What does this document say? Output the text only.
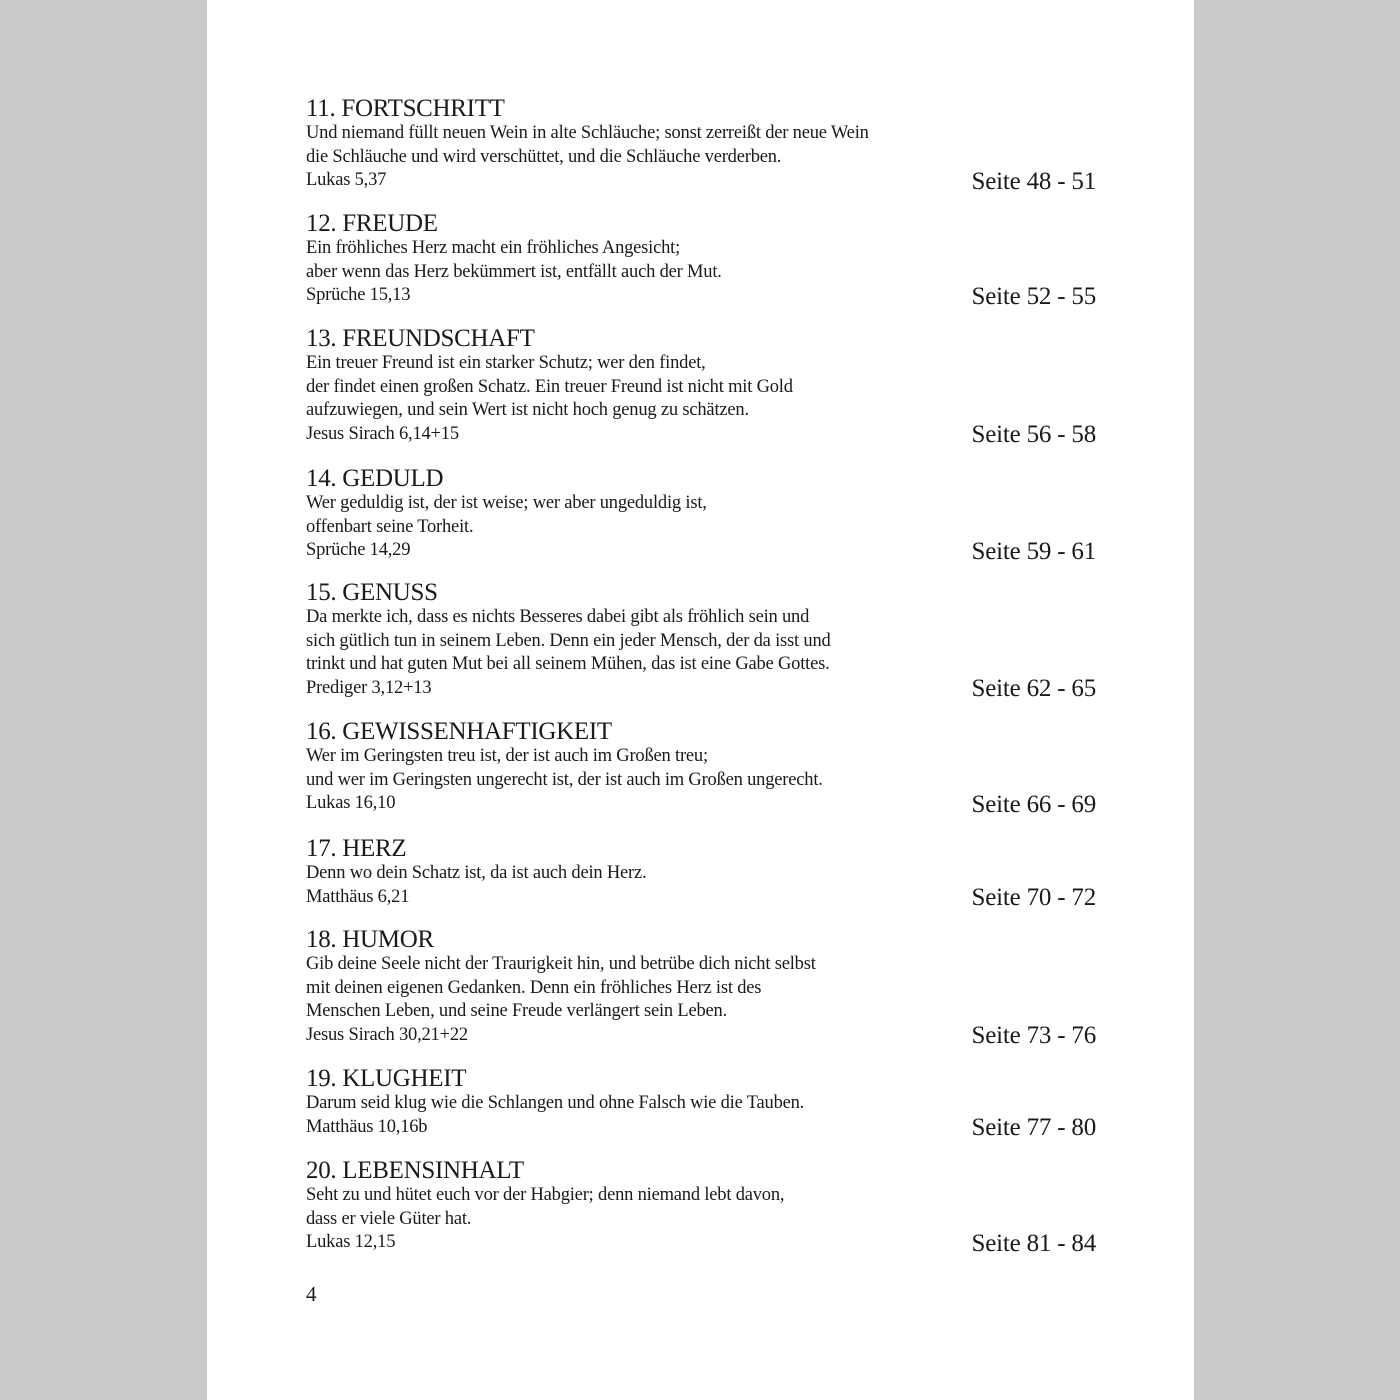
11. FORTSCHRITT
Und niemand füllt neuen Wein in alte Schläuche; sonst zerreißt der neue Wein
die Schläuche und wird verschüttet, und die Schläuche verderben.
Lukas 5,37	Seite 48 - 51
12. FREUDE
Ein fröhliches Herz macht ein fröhliches Angesicht;
aber wenn das Herz bekümmert ist, entfällt auch der Mut.
Sprüche 15,13	Seite 52 - 55
13. FREUNDSCHAFT
Ein treuer Freund ist ein starker Schutz; wer den findet,
der findet einen großen Schatz. Ein treuer Freund ist nicht mit Gold
aufzuwiegen, und sein Wert ist nicht hoch genug zu schätzen.
Jesus Sirach 6,14+15	Seite 56 - 58
14. GEDULD
Wer geduldig ist, der ist weise; wer aber ungeduldig ist,
offenbart seine Torheit.
Sprüche 14,29	Seite 59 - 61
15. GENUSS
Da merkte ich, dass es nichts Besseres dabei gibt als fröhlich sein und
sich gütlich tun in seinem Leben. Denn ein jeder Mensch, der da isst und
trinkt und hat guten Mut bei all seinem Mühen, das ist eine Gabe Gottes.
Prediger 3,12+13	Seite 62 - 65
16. GEWISSENHAFTIGKEIT
Wer im Geringsten treu ist, der ist auch im Großen treu;
und wer im Geringsten ungerecht ist, der ist auch im Großen ungerecht.
Lukas 16,10	Seite 66 - 69
17. HERZ
Denn wo dein Schatz ist, da ist auch dein Herz.
Matthäus 6,21	Seite 70 - 72
18. HUMOR
Gib deine Seele nicht der Traurigkeit hin, und betrübe dich nicht selbst
mit deinen eigenen Gedanken. Denn ein fröhliches Herz ist des
Menschen Leben, und seine Freude verlängert sein Leben.
Jesus Sirach 30,21+22	Seite 73 - 76
19. KLUGHEIT
Darum seid klug wie die Schlangen und ohne Falsch wie die Tauben.
Matthäus 10,16b	Seite 77 - 80
20. LEBENSINHALT
Seht zu und hütet euch vor der Habgier; denn niemand lebt davon,
dass er viele Güter hat.
Lukas 12,15	Seite 81 - 84
4
